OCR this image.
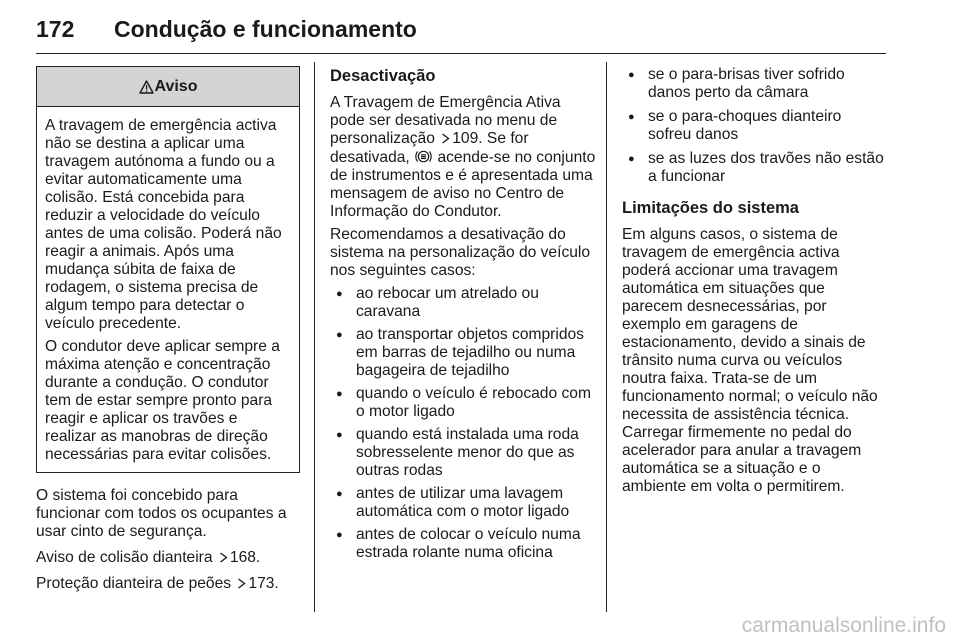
172 Condução e funcionamento
Aviso

A travagem de emergência activa não se destina a aplicar uma travagem autónoma a fundo ou a evitar automaticamente uma colisão. Está concebida para reduzir a velocidade do veículo antes de uma colisão. Poderá não reagir a animais. Após uma mudança súbita de faixa de rodagem, o sistema precisa de algum tempo para detectar o veículo precedente.

O condutor deve aplicar sempre a máxima atenção e concentração durante a condução. O condutor tem de estar sempre pronto para reagir e aplicar os travões e realizar as manobras de direção necessárias para evitar colisões.

O sistema foi concebido para funcionar com todos os ocupantes a usar cinto de segurança.

Aviso de colisão dianteira 168.

Proteção dianteira de peões 173.

Desactivação

A Travagem de Emergência Ativa pode ser desativada no menu de personalização 109. Se for desativada, acende-se no conjunto de instrumentos e é apresentada uma mensagem de aviso no Centro de Informação do Condutor.

Recomendamos a desativação do sistema na personalização do veículo nos seguintes casos:

● ao rebocar um atrelado ou caravana
● ao transportar objetos compridos em barras de tejadilho ou numa bagageira de tejadilho
● quando o veículo é rebocado com o motor ligado
● quando está instalada uma roda sobresselente menor do que as outras rodas
● antes de utilizar uma lavagem automática com o motor ligado
● antes de colocar o veículo numa estrada rolante numa oficina
● se o para-brisas tiver sofrido danos perto da câmara
● se o para-choques dianteiro sofreu danos
● se as luzes dos travões não estão a funcionar
Limitações do sistema

Em alguns casos, o sistema de travagem de emergência activa poderá accionar uma travagem automática em situações que parecem desnecessárias, por exemplo em garagens de estacionamento, devido a sinais de trânsito numa curva ou veículos noutra faixa. Trata-se de um funcionamento normal; o veículo não necessita de assistência técnica. Carregar firmemente no pedal do acelerador para anular a travagem automática se a situação e o ambiente em volta o permitirem.

carmanualsonline.info
